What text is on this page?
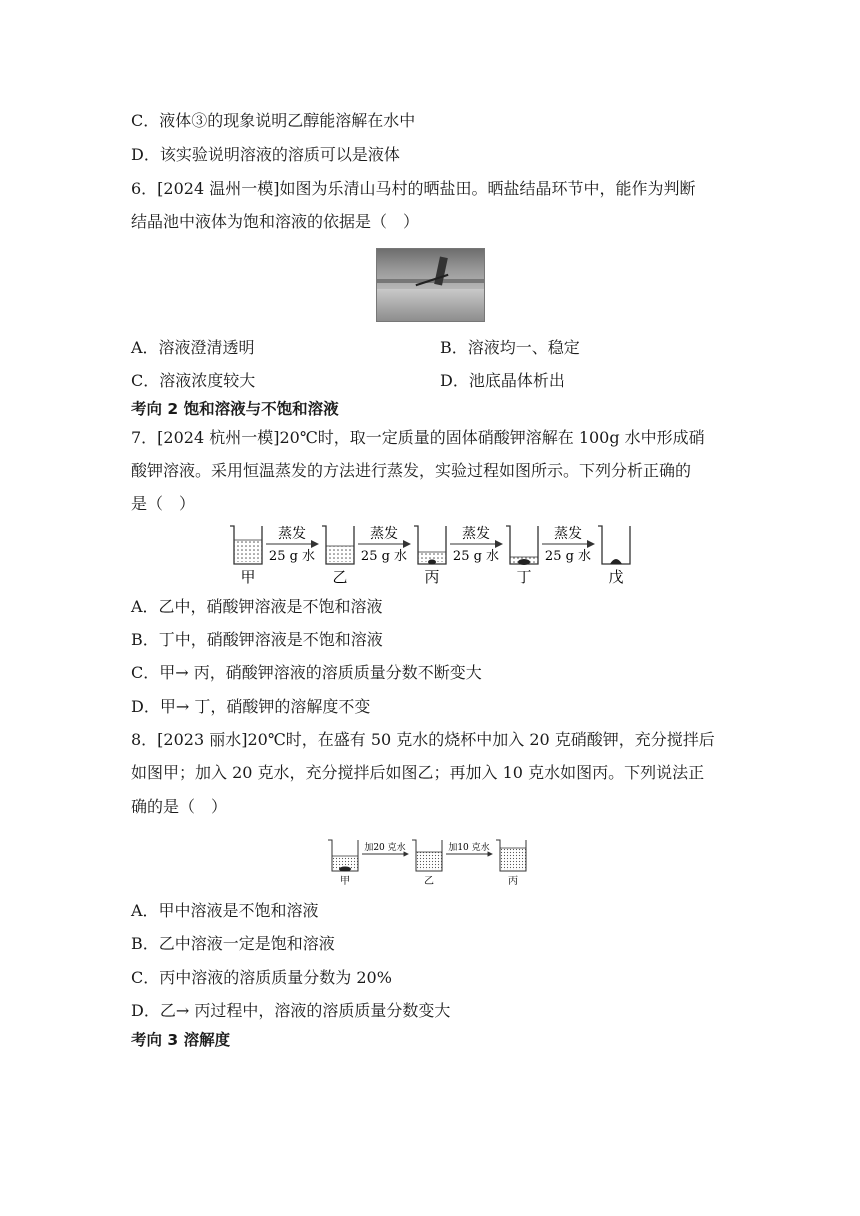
C．液体③的现象说明乙醇能溶解在水中
D．该实验说明溶液的溶质可以是液体
6．[2024 温州一模]如图为乐清山马村的晒盐田。晒盐结晶环节中，能作为判断
结晶池中液体为饱和溶液的依据是（　）
A．溶液澄清透明	B．溶液均一、稳定
C．溶液浓度较大	D．池底晶体析出
考向 2 饱和溶液与不饱和溶液
7．[2024 杭州一模]20℃时，取一定质量的固体硝酸钾溶解在 100g 水中形成硝
酸钾溶液。采用恒温蒸发的方法进行蒸发，实验过程如图所示。下列分析正确的
是（　）
蒸发	蒸发	蒸发	蒸发
25 g 水	25 g 水	25 g 水	25 g 水
甲	乙	丙	丁	戊
A．乙中，硝酸钾溶液是不饱和溶液
B．丁中，硝酸钾溶液是不饱和溶液
C．甲→ 丙，硝酸钾溶液的溶质质量分数不断变大
D．甲→ 丁，硝酸钾的溶解度不变
8．[2023 丽水]20℃时，在盛有 50 克水的烧杯中加入 20 克硝酸钾，充分搅拌后
如图甲；加入 20 克水，充分搅拌后如图乙；再加入 10 克水如图丙。下列说法正
确的是（　）
加20 克水	加10 克水
甲	乙	丙
A．甲中溶液是不饱和溶液
B．乙中溶液一定是饱和溶液
C．丙中溶液的溶质质量分数为 20%
D．乙→ 丙过程中，溶液的溶质质量分数变大
考向 3 溶解度
